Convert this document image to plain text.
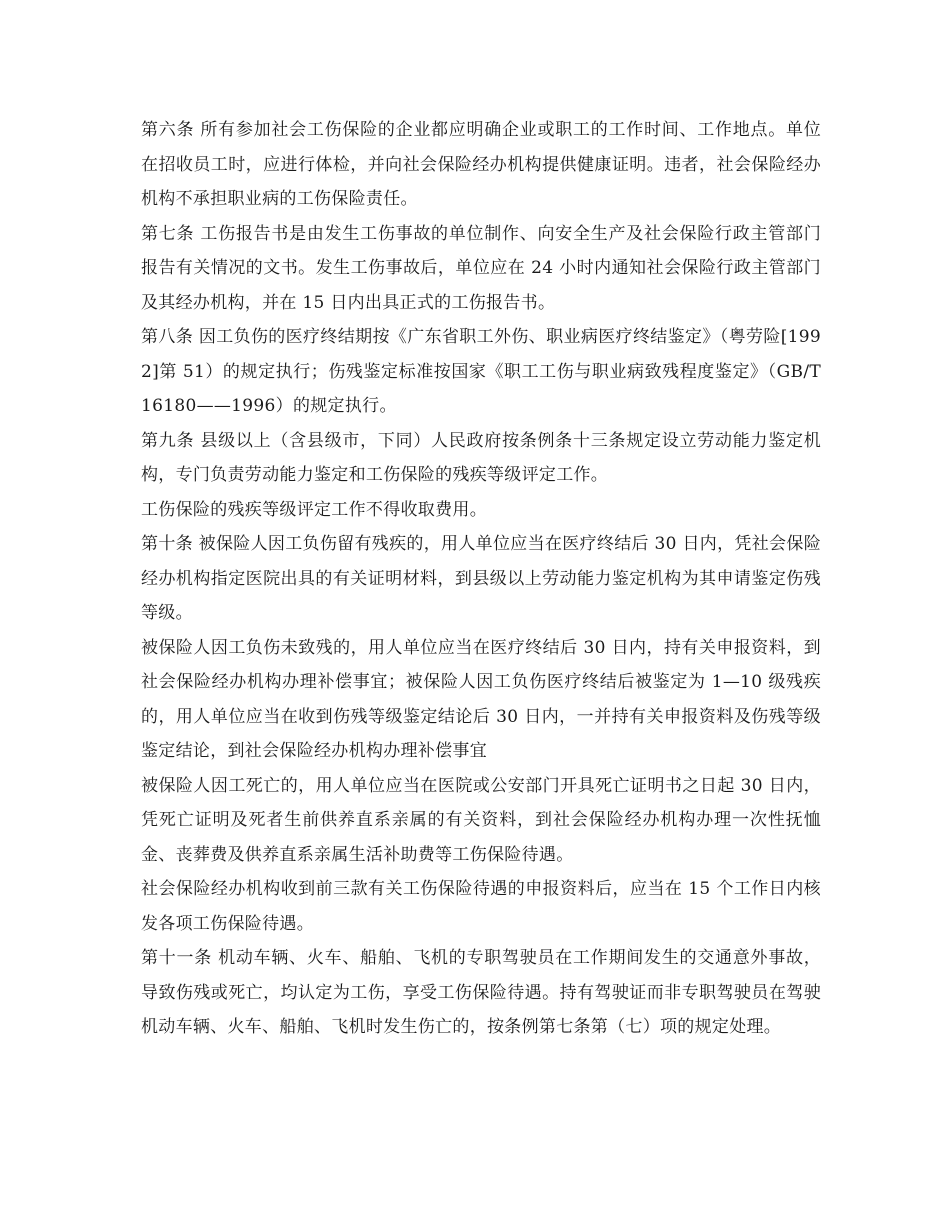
第六条 所有参加社会工伤保险的企业都应明确企业或职工的工作时间、工作地点。单位在招收员工时，应进行体检，并向社会保险经办机构提供健康证明。违者，社会保险经办机构不承担职业病的工伤保险责任。

第七条 工伤报告书是由发生工伤事故的单位制作、向安全生产及社会保险行政主管部门报告有关情况的文书。发生工伤事故后，单位应在 24 小时内通知社会保险行政主管部门及其经办机构，并在 15 日内出具正式的工伤报告书。

第八条 因工负伤的医疗终结期按《广东省职工外伤、职业病医疗终结鉴定》（粤劳险[1992]第 51）的规定执行；伤残鉴定标准按国家《职工工伤与职业病致残程度鉴定》（GB/T16180——1996）的规定执行。

第九条 县级以上（含县级市，下同）人民政府按条例条十三条规定设立劳动能力鉴定机构，专门负责劳动能力鉴定和工伤保险的残疾等级评定工作。

工伤保险的残疾等级评定工作不得收取费用。

第十条 被保险人因工负伤留有残疾的，用人单位应当在医疗终结后 30 日内，凭社会保险经办机构指定医院出具的有关证明材料，到县级以上劳动能力鉴定机构为其申请鉴定伤残等级。

被保险人因工负伤未致残的，用人单位应当在医疗终结后 30 日内，持有关申报资料，到社会保险经办机构办理补偿事宜；被保险人因工负伤医疗终结后被鉴定为 1—10 级残疾的，用人单位应当在收到伤残等级鉴定结论后 30 日内，一并持有关申报资料及伤残等级鉴定结论，到社会保险经办机构办理补偿事宜

被保险人因工死亡的，用人单位应当在医院或公安部门开具死亡证明书之日起 30 日内，凭死亡证明及死者生前供养直系亲属的有关资料，到社会保险经办机构办理一次性抚恤金、丧葬费及供养直系亲属生活补助费等工伤保险待遇。

社会保险经办机构收到前三款有关工伤保险待遇的申报资料后，应当在 15 个工作日内核发各项工伤保险待遇。

第十一条 机动车辆、火车、船舶、飞机的专职驾驶员在工作期间发生的交通意外事故，导致伤残或死亡，均认定为工伤，享受工伤保险待遇。持有驾驶证而非专职驾驶员在驾驶机动车辆、火车、船舶、飞机时发生伤亡的，按条例第七条第（七）项的规定处理。
